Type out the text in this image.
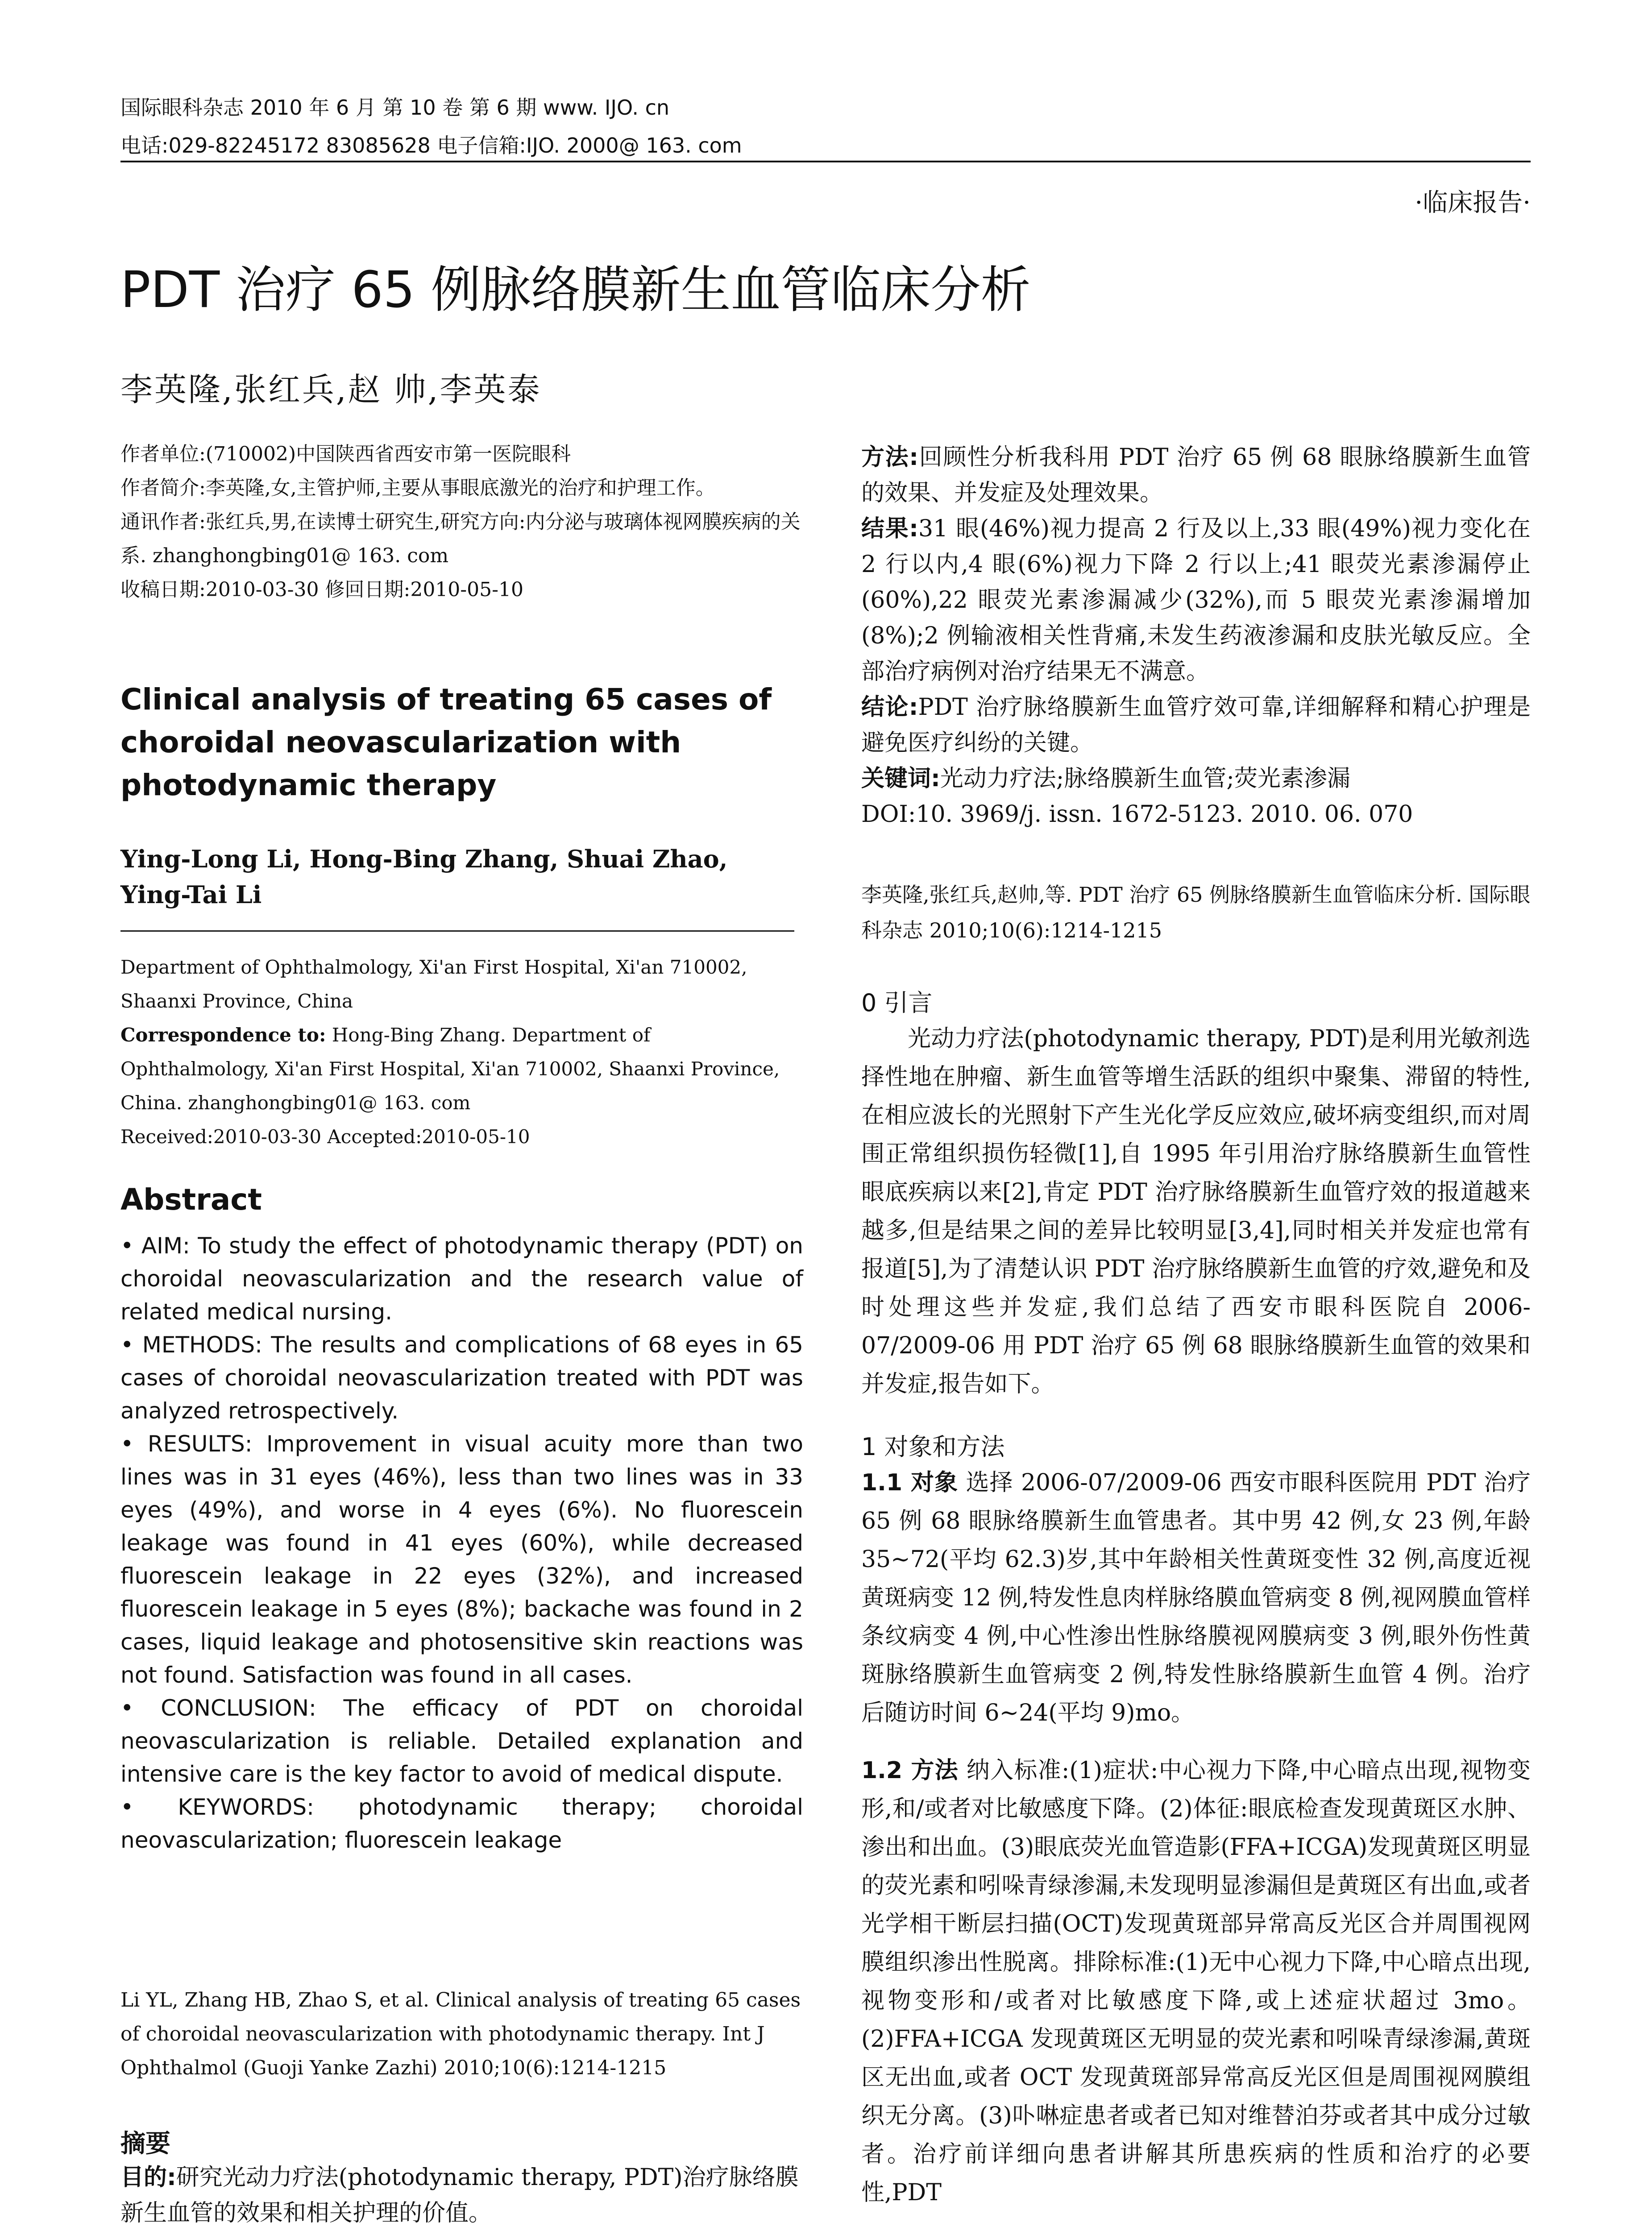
国际眼科杂志 2010 年 6 月 第 10 卷 第 6 期 www. IJO. cn
电话:029-82245172 83085628 电子信箱:IJO. 2000@ 163. com
·临床报告·
PDT 治疗 65 例脉络膜新生血管临床分析
李英隆,张红兵,赵 帅,李英泰
作者单位:(710002)中国陕西省西安市第一医院眼科
作者简介:李英隆,女,主管护师,主要从事眼底激光的治疗和护理工作。
通讯作者:张红兵,男,在读博士研究生,研究方向:内分泌与玻璃体视网膜疾病的关系. zhanghongbing01@ 163. com
收稿日期:2010-03-30 修回日期:2010-05-10
Clinical analysis of treating 65 cases of choroidal neovascularization with photodynamic therapy
Ying-Long Li, Hong-Bing Zhang, Shuai Zhao, Ying-Tai Li
Department of Ophthalmology, Xi'an First Hospital, Xi'an 710002, Shaanxi Province, China
Correspondence to: Hong-Bing Zhang. Department of Ophthalmology, Xi'an First Hospital, Xi'an 710002, Shaanxi Province, China. zhanghongbing01@ 163. com
Received:2010-03-30 Accepted:2010-05-10
Abstract

• AIM: To study the effect of photodynamic therapy (PDT) on choroidal neovascularization and the research value of related medical nursing.

• METHODS: The results and complications of 68 eyes in 65 cases of choroidal neovascularization treated with PDT was analyzed retrospectively.

• RESULTS: Improvement in visual acuity more than two lines was in 31 eyes (46%), less than two lines was in 33 eyes (49%), and worse in 4 eyes (6%). No fluorescein leakage was found in 41 eyes (60%), while decreased fluorescein leakage in 22 eyes (32%), and increased fluorescein leakage in 5 eyes (8%); backache was found in 2 cases, liquid leakage and photosensitive skin reactions was not found. Satisfaction was found in all cases.

• CONCLUSION: The efficacy of PDT on choroidal neovascularization is reliable. Detailed explanation and intensive care is the key factor to avoid of medical dispute.

• KEYWORDS: photodynamic therapy; choroidal neovascularization; fluorescein leakage

Li YL, Zhang HB, Zhao S, et al. Clinical analysis of treating 65 cases of choroidal neovascularization with photodynamic therapy. Int J Ophthalmol (Guoji Yanke Zazhi) 2010;10(6):1214-1215
摘要
目的:研究光动力疗法(photodynamic therapy, PDT)治疗脉络膜新生血管的效果和相关护理的价值。

方法:回顾性分析我科用 PDT 治疗 65 例 68 眼脉络膜新生血管的效果、并发症及处理效果。

结果:31 眼(46%)视力提高 2 行及以上,33 眼(49%)视力变化在 2 行以内,4 眼(6%)视力下降 2 行以上;41 眼荧光素渗漏停止(60%),22 眼荧光素渗漏减少(32%),而 5 眼荧光素渗漏增加(8%);2 例输液相关性背痛,未发生药液渗漏和皮肤光敏反应。全部治疗病例对治疗结果无不满意。

结论:PDT 治疗脉络膜新生血管疗效可靠,详细解释和精心护理是避免医疗纠纷的关键。

关键词:光动力疗法;脉络膜新生血管;荧光素渗漏

DOI:10. 3969/j. issn. 1672-5123. 2010. 06. 070

李英隆,张红兵,赵帅,等. PDT 治疗 65 例脉络膜新生血管临床分析. 国际眼科杂志 2010;10(6):1214-1215
0 引言

光动力疗法(photodynamic therapy, PDT)是利用光敏剂选择性地在肿瘤、新生血管等增生活跃的组织中聚集、滞留的特性,在相应波长的光照射下产生光化学反应效应,破坏病变组织,而对周围正常组织损伤轻微[1],自 1995 年引用治疗脉络膜新生血管性眼底疾病以来[2],肯定 PDT 治疗脉络膜新生血管疗效的报道越来越多,但是结果之间的差异比较明显[3,4],同时相关并发症也常有报道[5],为了清楚认识 PDT 治疗脉络膜新生血管的疗效,避免和及时处理这些并发症,我们总结了西安市眼科医院自 2006-07/2009-06 用 PDT 治疗 65 例 68 眼脉络膜新生血管的效果和并发症,报告如下。

1 对象和方法

1.1 对象 选择 2006-07/2009-06 西安市眼科医院用 PDT 治疗 65 例 68 眼脉络膜新生血管患者。其中男 42 例,女 23 例,年龄 35~72(平均 62.3)岁,其中年龄相关性黄斑变性 32 例,高度近视黄斑病变 12 例,特发性息肉样脉络膜血管病变 8 例,视网膜血管样条纹病变 4 例,中心性渗出性脉络膜视网膜病变 3 例,眼外伤性黄斑脉络膜新生血管病变 2 例,特发性脉络膜新生血管 4 例。治疗后随访时间 6~24(平均 9)mo。

1.2 方法 纳入标准:(1)症状:中心视力下降,中心暗点出现,视物变形,和/或者对比敏感度下降。(2)体征:眼底检查发现黄斑区水肿、渗出和出血。(3)眼底荧光血管造影(FFA+ICGA)发现黄斑区明显的荧光素和吲哚青绿渗漏,未发现明显渗漏但是黄斑区有出血,或者光学相干断层扫描(OCT)发现黄斑部异常高反光区合并周围视网膜组织渗出性脱离。排除标准:(1)无中心视力下降,中心暗点出现,视物变形和/或者对比敏感度下降,或上述症状超过 3mo。(2)FFA+ICGA 发现黄斑区无明显的荧光素和吲哚青绿渗漏,黄斑区无出血,或者 OCT 发现黄斑部异常高反光区但是周围视网膜组织无分离。(3)卟啉症患者或者已知对维替泊芬或者其中成分过敏者。治疗前详细向患者讲解其所患疾病的性质和治疗的必要性,PDT
